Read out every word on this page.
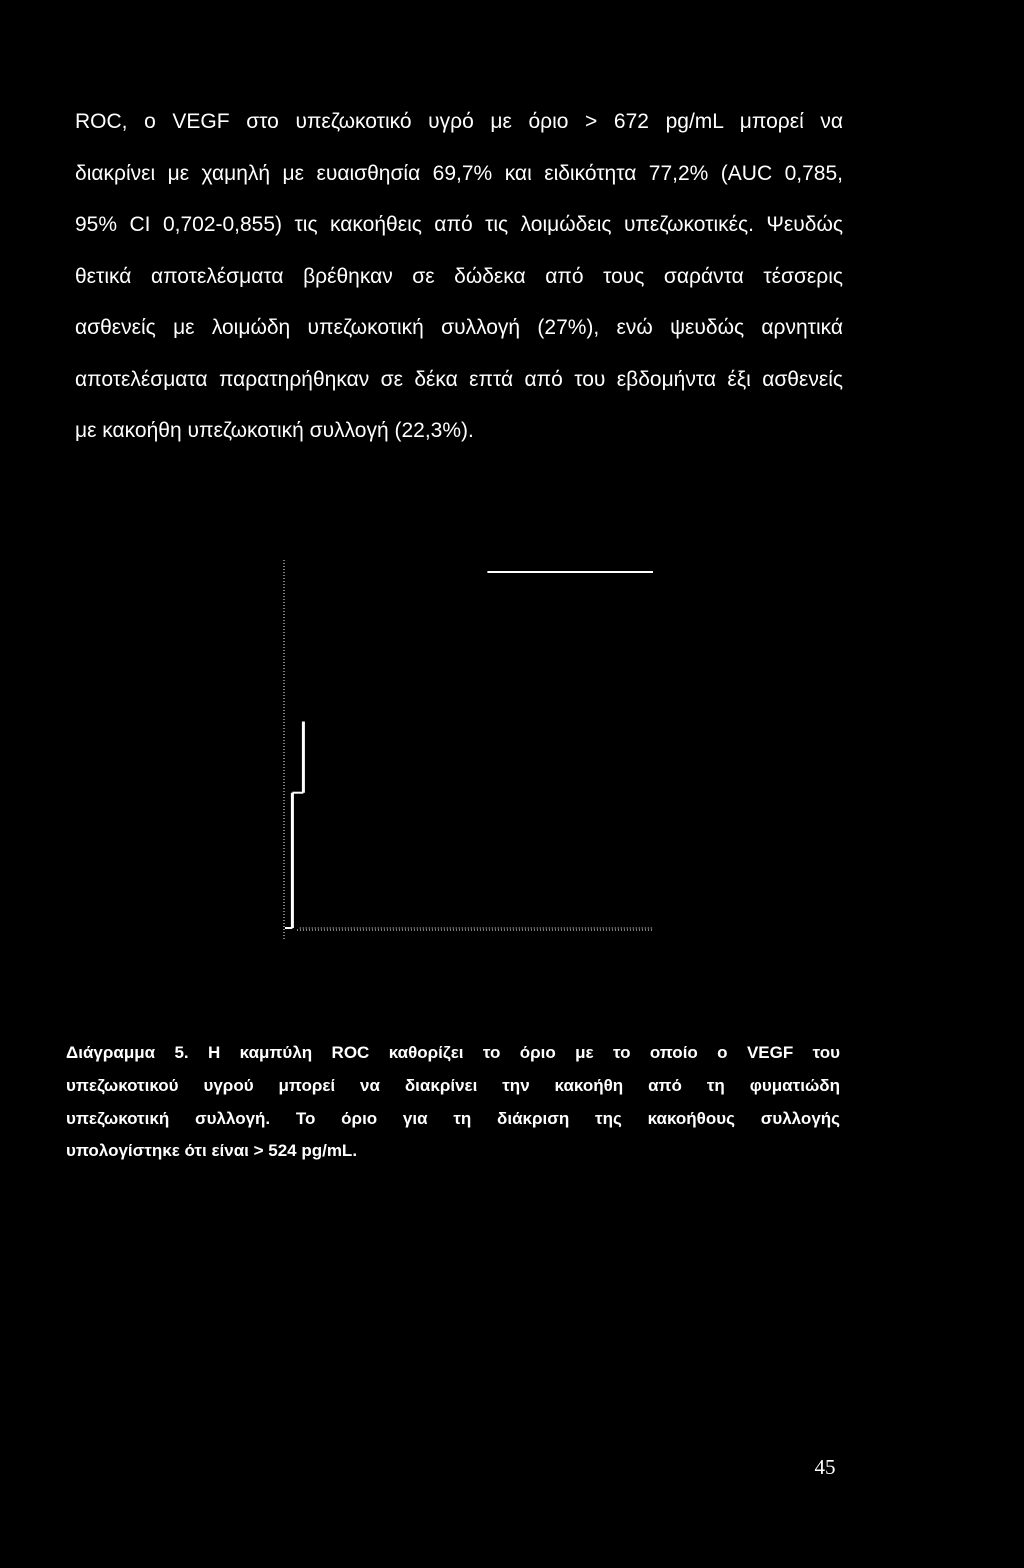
ROC, ο VEGF στο υπεζωκοτικό υγρό με όριο > 672 pg/mL μπορεί να
διακρίνει με χαμηλή με ευαισθησία 69,7% και ειδικότητα 77,2% (AUC 0,785,
95% CI 0,702-0,855) τις κακοήθεις από τις λοιμώδεις υπεζωκοτικές. Ψευδώς
θετικά αποτελέσματα βρέθηκαν σε δώδεκα από τους σαράντα τέσσερις
ασθενείς με λοιμώδη υπεζωκοτική συλλογή (27%), ενώ ψευδώς αρνητικά
αποτελέσματα παρατηρήθηκαν σε δέκα επτά από του εβδομήντα έξι ασθενείς
με κακοήθη υπεζωκοτική συλλογή (22,3%).
Διάγραμμα 5. Η καμπύλη ROC καθορίζει το όριο με το οποίο ο VEGF του
υπεζωκοτικού υγρού μπορεί να διακρίνει την κακοήθη από τη φυματιώδη
υπεζωκοτική συλλογή. Το όριο για τη διάκριση της κακοήθους συλλογής
υπολογίστηκε ότι είναι > 524 pg/mL.
45
